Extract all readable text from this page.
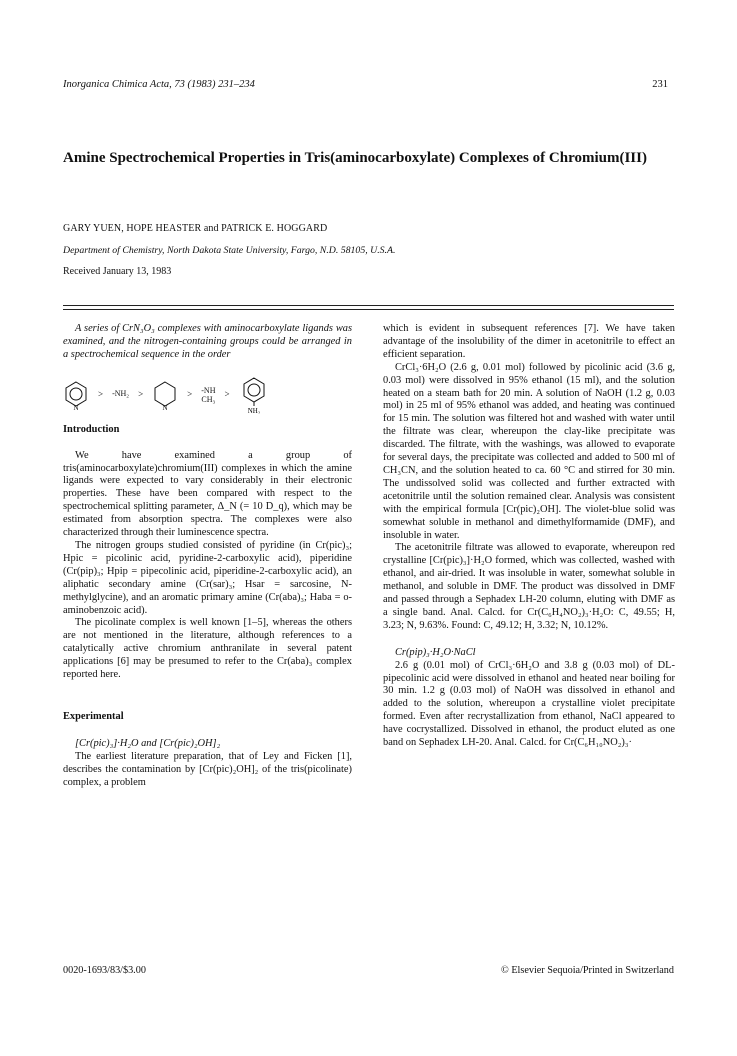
Inorganica Chimica Acta, 73 (1983) 231–234	231
Amine Spectrochemical Properties in Tris(aminocarboxylate) Complexes of Chromium(III)
GARY YUEN, HOPE HEASTER and PATRICK E. HOGGARD
Department of Chemistry, North Dakota State University, Fargo, N.D. 58105, U.S.A.
Received January 13, 1983

A series of CrN₃O₃ complexes with aminocarboxylate ligands was examined, and the nitrogen-containing groups could be arranged in a spectrochemical sequence in the order

N
> -NH₂ >
N
> -NH
CH₃ >
NH₂

Introduction

We have examined a group of tris(aminocarboxylate)chromium(III) complexes in which the amine ligands were expected to vary considerably in their electronic properties. These have been compared with respect to the spectrochemical splitting parameter, Δ_N (= 10 D_q), which may be estimated from absorption spectra. The complexes were also characterized through their luminescence spectra.

The nitrogen groups studied consisted of pyridine (in Cr(pic)₃; Hpic = picolinic acid, pyridine-2-carboxylic acid), piperidine (Cr(pip)₃; Hpip = pipecolinic acid, piperidine-2-carboxylic acid), an aliphatic secondary amine (Cr(sar)₃; Hsar = sarcosine, N-methylglycine), and an aromatic primary amine (Cr(aba)₃; Haba = o-aminobenzoic acid).

The picolinate complex is well known [1–5], whereas the others are not mentioned in the literature, although references to a catalytically active chromium anthranilate in several patent applications [6] may be presumed to refer to the Cr(aba)₃ complex reported here.

Experimental

[Cr(pic)₃]·H₂O and [Cr(pic)₂OH]₂

The earliest literature preparation, that of Ley and Ficken [1], describes the contamination by [Cr(pic)₂OH]₂ of the tris(picolinate) complex, a problem

which is evident in subsequent references [7]. We have taken advantage of the insolubility of the dimer in acetonitrile to effect an efficient separation.

CrCl₃·6H₂O (2.6 g, 0.01 mol) followed by picolinic acid (3.6 g, 0.03 mol) were dissolved in 95% ethanol (15 ml), and the solution heated on a steam bath for 20 min. A solution of NaOH (1.2 g, 0.03 mol) in 25 ml of 95% ethanol was added, and heating was continued for 15 min. The solution was filtered hot and washed with water until the filtrate was clear, whereupon the clay-like precipitate was discarded. The filtrate, with the washings, was allowed to evaporate for several days, the precipitate was collected and added to 500 ml of CH₃CN, and the solution heated to ca. 60 °C and stirred for 30 min. The undissolved solid was collected and further extracted with acetonitrile until the solution remained clear. Analysis was consistent with the empirical formula [Cr(pic)₂OH]. The violet-blue solid was somewhat soluble in methanol and dimethylformamide (DMF), and insoluble in water.

The acetonitrile filtrate was allowed to evaporate, whereupon red crystalline [Cr(pic)₃]·H₂O formed, which was collected, washed with ethanol, and air-dried. It was insoluble in water, somewhat soluble in methanol, and soluble in DMF. The product was dissolved in DMF and passed through a Sephadex LH-20 column, eluting with DMF as a single band. Anal. Calcd. for Cr(C₆H₄NO₂)₃·H₂O: C, 49.55; H, 3.23; N, 9.63%. Found: C, 49.12; H, 3.32; N, 10.12%.

Cr(pip)₃·H₂O·NaCl

2.6 g (0.01 mol) of CrCl₃·6H₂O and 3.8 g (0.03 mol) of DL-pipecolinic acid were dissolved in ethanol and heated near boiling for 30 min. 1.2 g (0.03 mol) of NaOH was dissolved in ethanol and added to the solution, whereupon a crystalline violet precipitate formed. Even after recrystallization from ethanol, NaCl appeared to have cocrystallized. Dissolved in ethanol, the product eluted as one band on Sephadex LH-20. Anal. Calcd. for Cr(C₆H₁₀NO₂)₃·

0020-1693/83/$3.00	© Elsevier Sequoia/Printed in Switzerland
